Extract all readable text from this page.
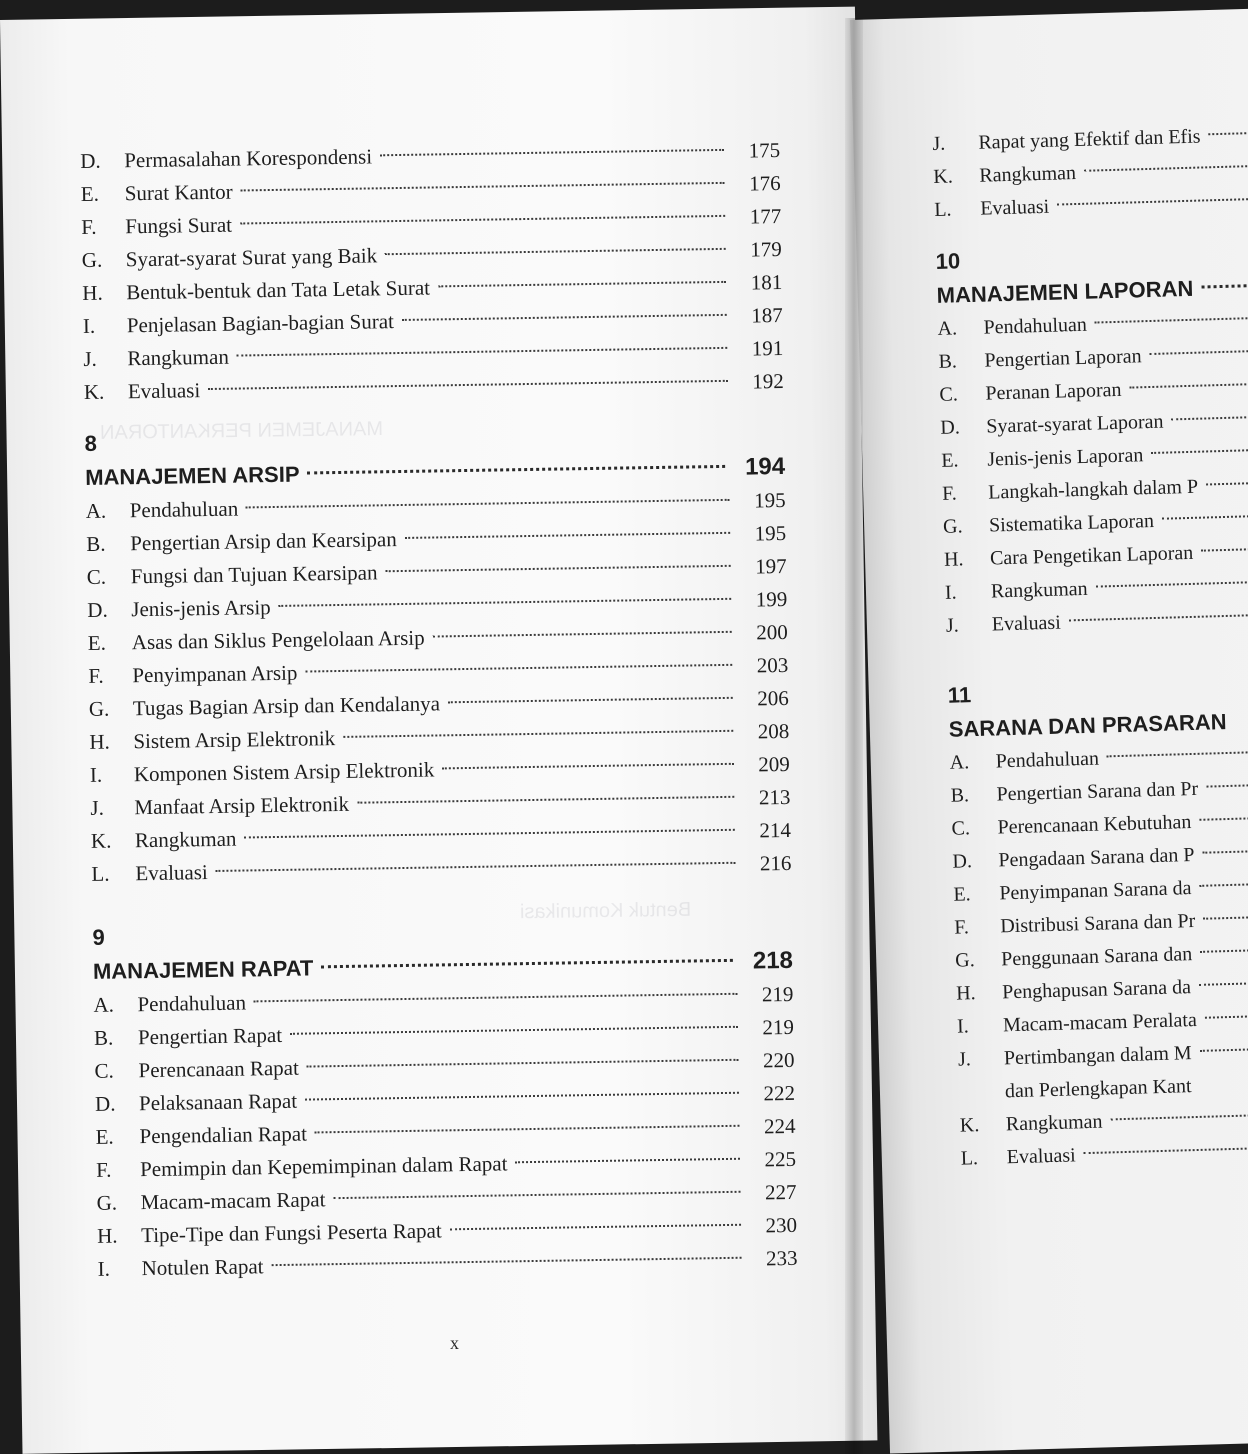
MANAJEMEN PERKANTORAN
Bentuk Komunikasi
D.	Permasalahan Korespondensi	175
E.	Surat Kantor	176
F.	Fungsi Surat	177
G.	Syarat-syarat Surat yang Baik	179
H.	Bentuk-bentuk dan Tata Letak Surat	181
I.	Penjelasan Bagian-bagian Surat	187
J.	Rangkuman	191
K.	Evaluasi	192
8
MANAJEMEN ARSIP	194
A.	Pendahuluan	195
B.	Pengertian Arsip dan Kearsipan	195
C.	Fungsi dan Tujuan Kearsipan	197
D.	Jenis-jenis Arsip	199
E.	Asas dan Siklus Pengelolaan Arsip	200
F.	Penyimpanan Arsip	203
G.	Tugas Bagian Arsip dan Kendalanya	206
H.	Sistem Arsip Elektronik	208
I.	Komponen Sistem Arsip Elektronik	209
J.	Manfaat Arsip Elektronik	213
K.	Rangkuman	214
L.	Evaluasi	216
9
MANAJEMEN RAPAT	218
A.	Pendahuluan	219
B.	Pengertian Rapat	219
C.	Perencanaan Rapat	220
D.	Pelaksanaan Rapat	222
E.	Pengendalian Rapat	224
F.	Pemimpin dan Kepemimpinan dalam Rapat	225
G.	Macam-macam Rapat	227
H.	Tipe-Tipe dan Fungsi Peserta Rapat	230
I.	Notulen Rapat	233
x
J.	Rapat yang Efektif dan Efis
K.	Rangkuman
L.	Evaluasi
10
MANAJEMEN LAPORAN
A.	Pendahuluan
B.	Pengertian Laporan
C.	Peranan Laporan
D.	Syarat-syarat Laporan
E.	Jenis-jenis Laporan
F.	Langkah-langkah dalam P
G.	Sistematika Laporan
H.	Cara Pengetikan Laporan
I.	Rangkuman
J.	Evaluasi
11
SARANA DAN PRASARAN
A.	Pendahuluan
B.	Pengertian Sarana dan Pr
C.	Perencanaan Kebutuhan
D.	Pengadaan Sarana dan P
E.	Penyimpanan Sarana da
F.	Distribusi Sarana dan Pr
G.	Penggunaan Sarana dan
H.	Penghapusan Sarana da
I.	Macam-macam Peralata
J.	Pertimbangan dalam M
dan Perlengkapan Kant
K.	Rangkuman
L.	Evaluasi
